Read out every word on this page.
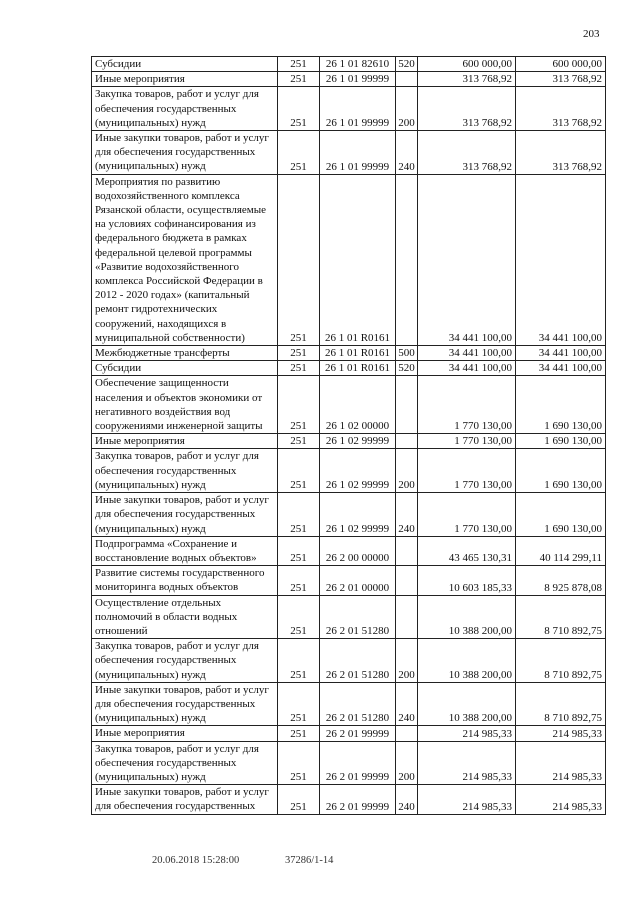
203
Субсидии	251	26 1 01 82610	520	600 000,00	600 000,00
Иные мероприятия	251	26 1 01 99999		313 768,92	313 768,92
Закупка товаров, работ и услуг для обеспечения государственных (муниципальных) нужд	251	26 1 01 99999	200	313 768,92	313 768,92
Иные закупки товаров, работ и услуг для обеспечения государственных (муниципальных) нужд	251	26 1 01 99999	240	313 768,92	313 768,92
Мероприятия по развитию водохозяйственного комплекса Рязанской области, осуществляемые на условиях софинансирования из федерального бюджета в рамках федеральной целевой программы «Развитие водохозяйственного комплекса Российской Федерации в 2012 - 2020 годах» (капитальный ремонт гидротехнических сооружений, находящихся в муниципальной собственности)	251	26 1 01 R0161		34 441 100,00	34 441 100,00
Межбюджетные трансферты	251	26 1 01 R0161	500	34 441 100,00	34 441 100,00
Субсидии	251	26 1 01 R0161	520	34 441 100,00	34 441 100,00
Обеспечение защищенности населения и объектов экономики от негативного воздействия вод сооружениями инженерной защиты	251	26 1 02 00000		1 770 130,00	1 690 130,00
Иные мероприятия	251	26 1 02 99999		1 770 130,00	1 690 130,00
Закупка товаров, работ и услуг для обеспечения государственных (муниципальных) нужд	251	26 1 02 99999	200	1 770 130,00	1 690 130,00
Иные закупки товаров, работ и услуг для обеспечения государственных (муниципальных) нужд	251	26 1 02 99999	240	1 770 130,00	1 690 130,00
Подпрограмма «Сохранение и восстановление водных объектов»	251	26 2 00 00000		43 465 130,31	40 114 299,11
Развитие системы государственного мониторинга водных объектов	251	26 2 01 00000		10 603 185,33	8 925 878,08
Осуществление отдельных полномочий в области водных отношений	251	26 2 01 51280		10 388 200,00	8 710 892,75
Закупка товаров, работ и услуг для обеспечения государственных (муниципальных) нужд	251	26 2 01 51280	200	10 388 200,00	8 710 892,75
Иные закупки товаров, работ и услуг для обеспечения государственных (муниципальных) нужд	251	26 2 01 51280	240	10 388 200,00	8 710 892,75
Иные мероприятия	251	26 2 01 99999		214 985,33	214 985,33
Закупка товаров, работ и услуг для обеспечения государственных (муниципальных) нужд	251	26 2 01 99999	200	214 985,33	214 985,33
Иные закупки товаров, работ и услуг для обеспечения государственных	251	26 2 01 99999	240	214 985,33	214 985,33
20.06.2018 15:28:00	37286/1-14
